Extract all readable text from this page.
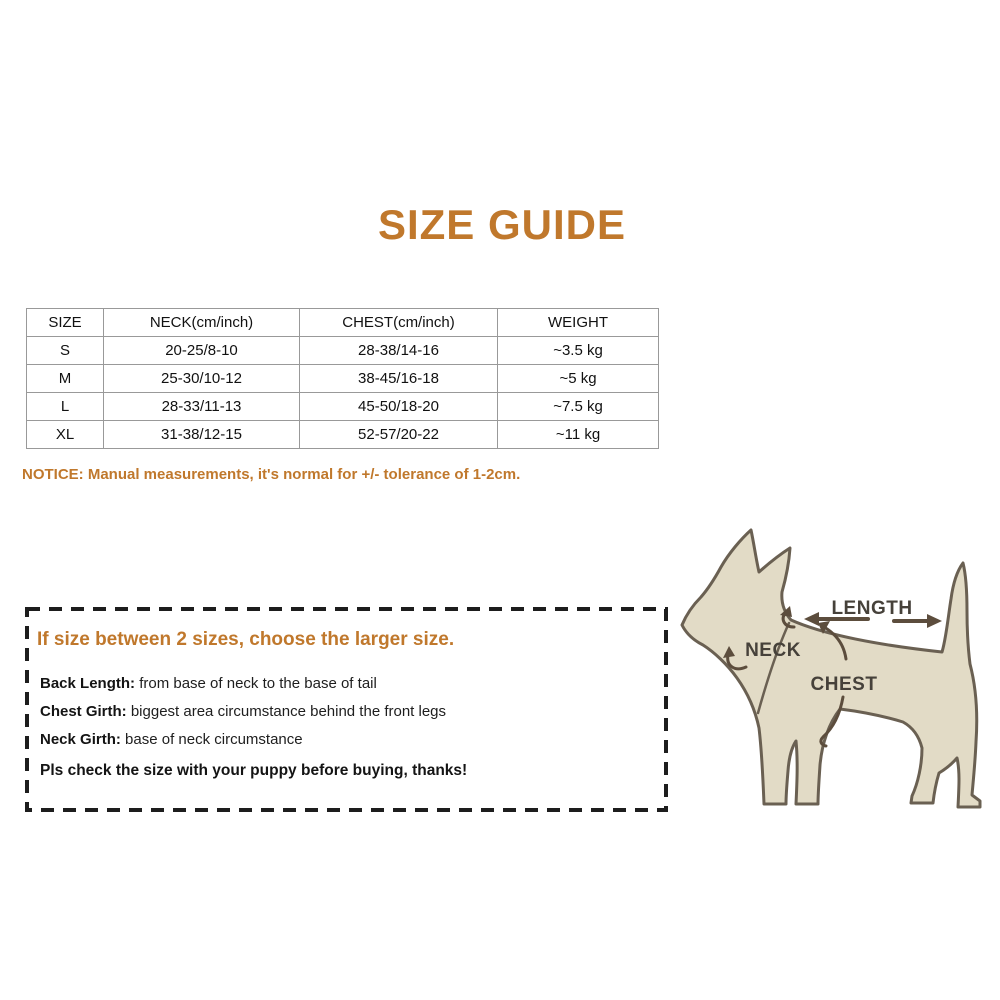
SIZE GUIDE
SIZE	NECK(cm/inch)	CHEST(cm/inch)	WEIGHT
S	20-25/8-10	28-38/14-16	~3.5 kg
M	25-30/10-12	38-45/16-18	~5 kg
L	28-33/11-13	45-50/18-20	~7.5 kg
XL	31-38/12-15	52-57/20-22	~11 kg
NOTICE: Manual measurements, it's normal for +/- tolerance of 1-2cm.
If size between 2 sizes, choose the larger size.
Back Length: from base of neck to the base of tail
Chest Girth: biggest area circumstance behind the front legs
Neck Girth: base of neck circumstance
Pls check the size with your puppy before buying, thanks!
LENGTH
NECK
CHEST
